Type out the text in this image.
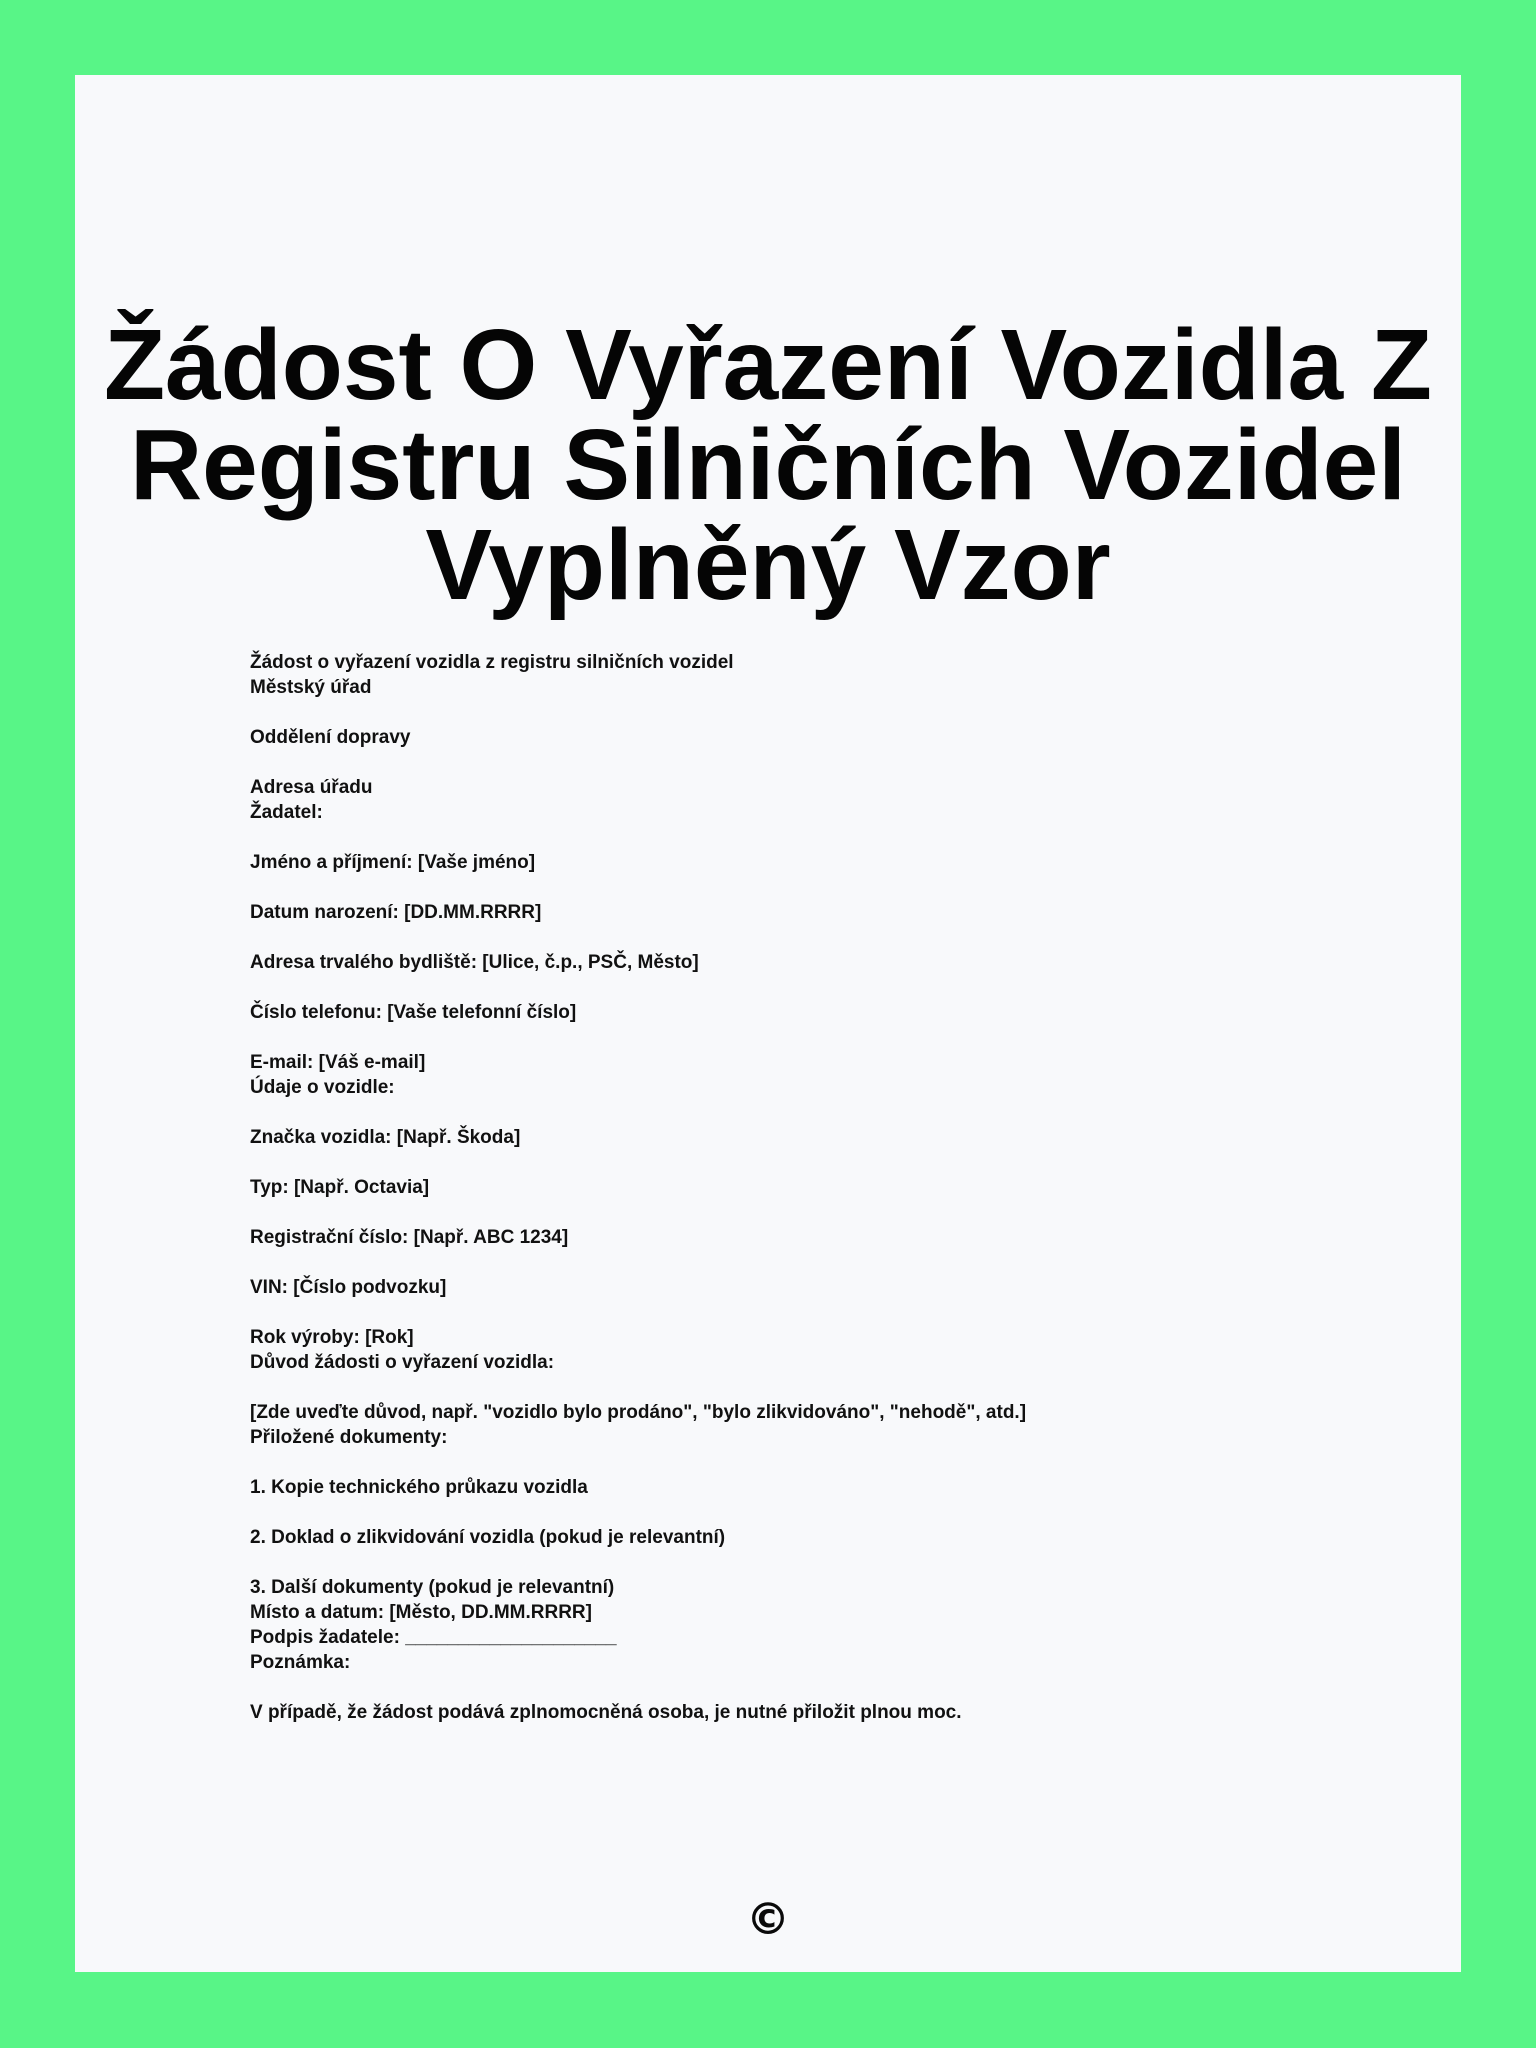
Žádost O Vyřazení Vozidla Z
Registru Silničních Vozidel
Vyplněný Vzor
Žádost o vyřazení vozidla z registru silničních vozidel
Městský úřad
Oddělení dopravy
Adresa úřadu
Žadatel:
Jméno a příjmení: [Vaše jméno]
Datum narození: [DD.MM.RRRR]
Adresa trvalého bydliště: [Ulice, č.p., PSČ, Město]
Číslo telefonu: [Vaše telefonní číslo]
E-mail: [Váš e-mail]
Údaje o vozidle:
Značka vozidla: [Např. Škoda]
Typ: [Např. Octavia]
Registrační číslo: [Např. ABC 1234]
VIN: [Číslo podvozku]
Rok výroby: [Rok]
Důvod žádosti o vyřazení vozidla:
[Zde uveďte důvod, např. "vozidlo bylo prodáno", "bylo zlikvidováno", "nehodě", atd.]
Přiložené dokumenty:
1. Kopie technického průkazu vozidla
2. Doklad o zlikvidování vozidla (pokud je relevantní)
3. Další dokumenty (pokud je relevantní)
Místo a datum: [Město, DD.MM.RRRR]
Podpis žadatele: ____________________
Poznámka:
V případě, že žádost podává zplnomocněná osoba, je nutné přiložit plnou moc.
©
